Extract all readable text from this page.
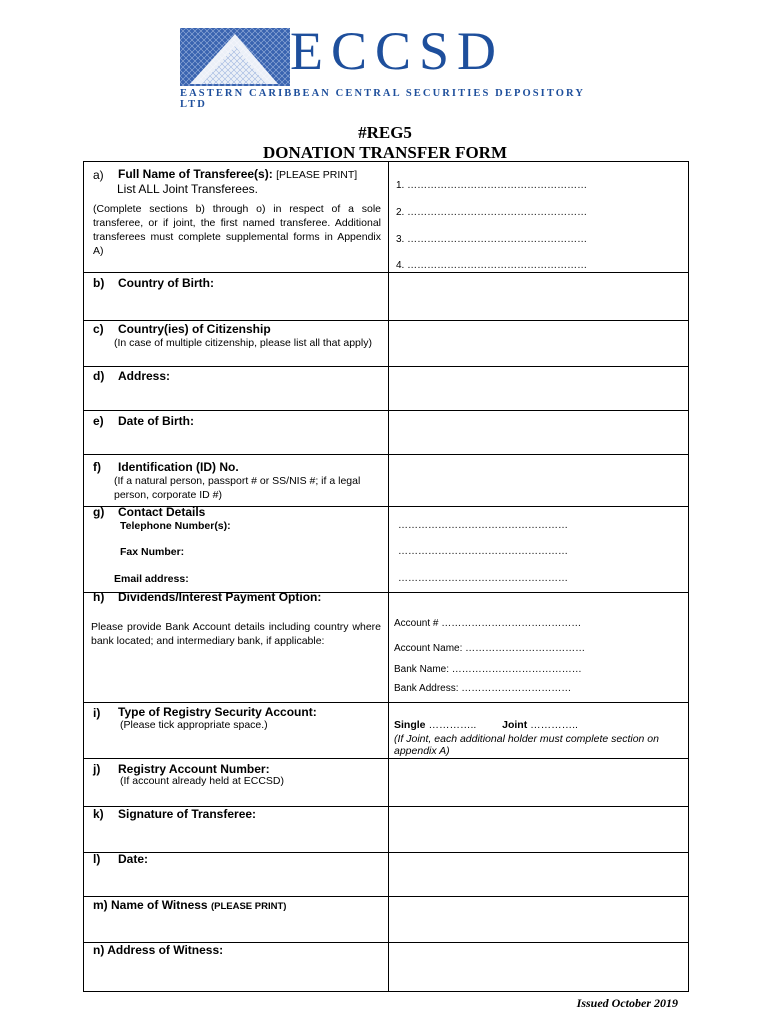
ECCSD
EASTERN CARIBBEAN CENTRAL SECURITIES DEPOSITORY LTD
#REG5
DONATION TRANSFER FORM
a) Full Name of Transferee(s): [PLEASE PRINT]
List ALL Joint Transferees.
(Complete sections b) through o) in respect of a sole transferee, or if joint, the first named transferee. Additional transferees must complete supplemental forms in Appendix A)
1. ………………………………………………
2. ………………………………………………
3. ………………………………………………
4. ………………………………………………
b) Country of Birth:
c) Country(ies) of Citizenship
(In case of multiple citizenship, please list all that apply)
d) Address:
e) Date of Birth:
f) Identification (ID) No.
(If a natural person, passport # or SS/NIS #; if a legal person, corporate ID #)
g) Contact Details
Telephone Number(s):	……………………………………………
Fax Number:	……………………………………………
Email address:	……………………………………………
h) Dividends/Interest Payment Option:
Please provide Bank Account details including country where bank located; and intermediary bank, if applicable:
Account # ……………………………………
Account Name: ………………………………
Bank Name: …………………………………
Bank Address: ……………………………
i) Type of Registry Security Account:
(Please tick appropriate space.)	Single ………….. Joint …………..
(If Joint, each additional holder must complete section on appendix A)
j) Registry Account Number:
(If account already held at ECCSD)
k) Signature of Transferee:
l) Date:
m) Name of Witness (PLEASE PRINT)
n) Address of Witness:
Issued October 2019
